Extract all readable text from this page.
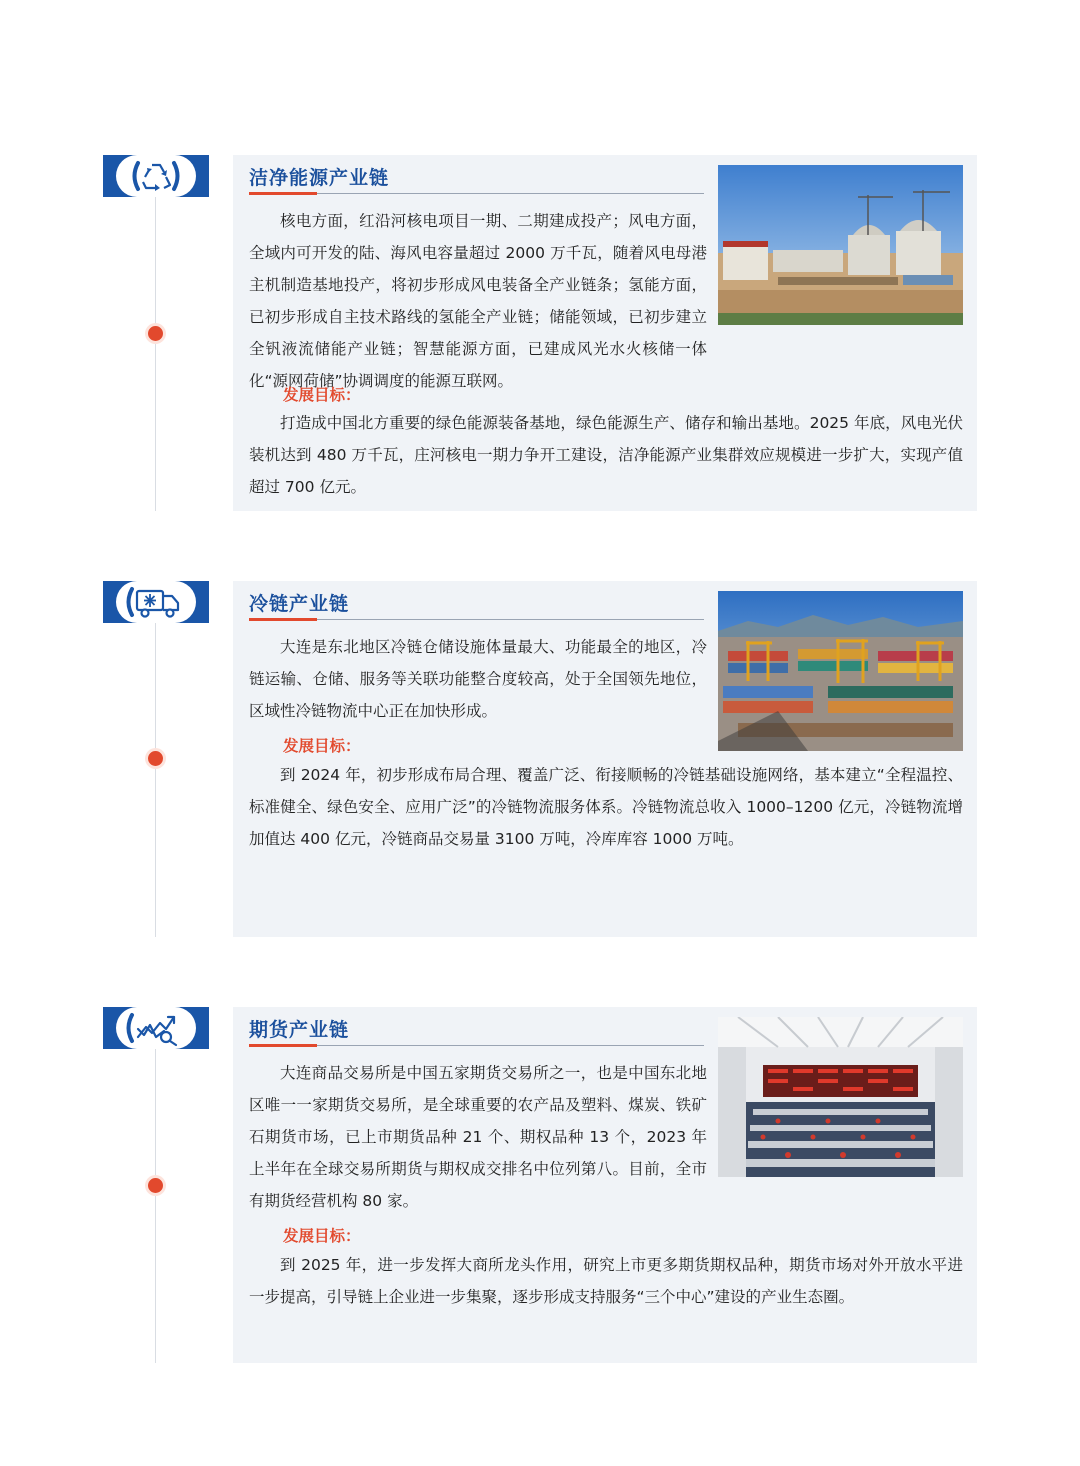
洁净能源产业链
核电方面，红沿河核电项目一期、二期建成投产；风电方面，全域内可开发的陆、海风电容量超过 2000 万千瓦，随着风电母港主机制造基地投产，将初步形成风电装备全产业链条；氢能方面，已初步形成自主技术路线的氢能全产业链；储能领域，已初步建立全钒液流储能产业链；智慧能源方面，已建成风光水火核储一体化“源网荷储”协调调度的能源互联网。
发展目标：
打造成中国北方重要的绿色能源装备基地，绿色能源生产、储存和输出基地。2025 年底，风电光伏装机达到 480 万千瓦，庄河核电一期力争开工建设，洁净能源产业集群效应规模进一步扩大，实现产值超过 700 亿元。
冷链产业链
大连是东北地区冷链仓储设施体量最大、功能最全的地区，冷链运输、仓储、服务等关联功能整合度较高，处于全国领先地位，区域性冷链物流中心正在加快形成。
发展目标：
到 2024 年，初步形成布局合理、覆盖广泛、衔接顺畅的冷链基础设施网络，基本建立“全程温控、标准健全、绿色安全、应用广泛”的冷链物流服务体系。冷链物流总收入 1000–1200 亿元，冷链物流增加值达 400 亿元，冷链商品交易量 3100 万吨，冷库库容 1000 万吨。
期货产业链
大连商品交易所是中国五家期货交易所之一，也是中国东北地区唯一一家期货交易所，是全球重要的农产品及塑料、煤炭、铁矿石期货市场，已上市期货品种 21 个、期权品种 13 个，2023 年上半年在全球交易所期货与期权成交排名中位列第八。目前，全市有期货经营机构 80 家。
发展目标：
到 2025 年，进一步发挥大商所龙头作用，研究上市更多期货期权品种，期货市场对外开放水平进一步提高，引导链上企业进一步集聚，逐步形成支持服务“三个中心”建设的产业生态圈。
